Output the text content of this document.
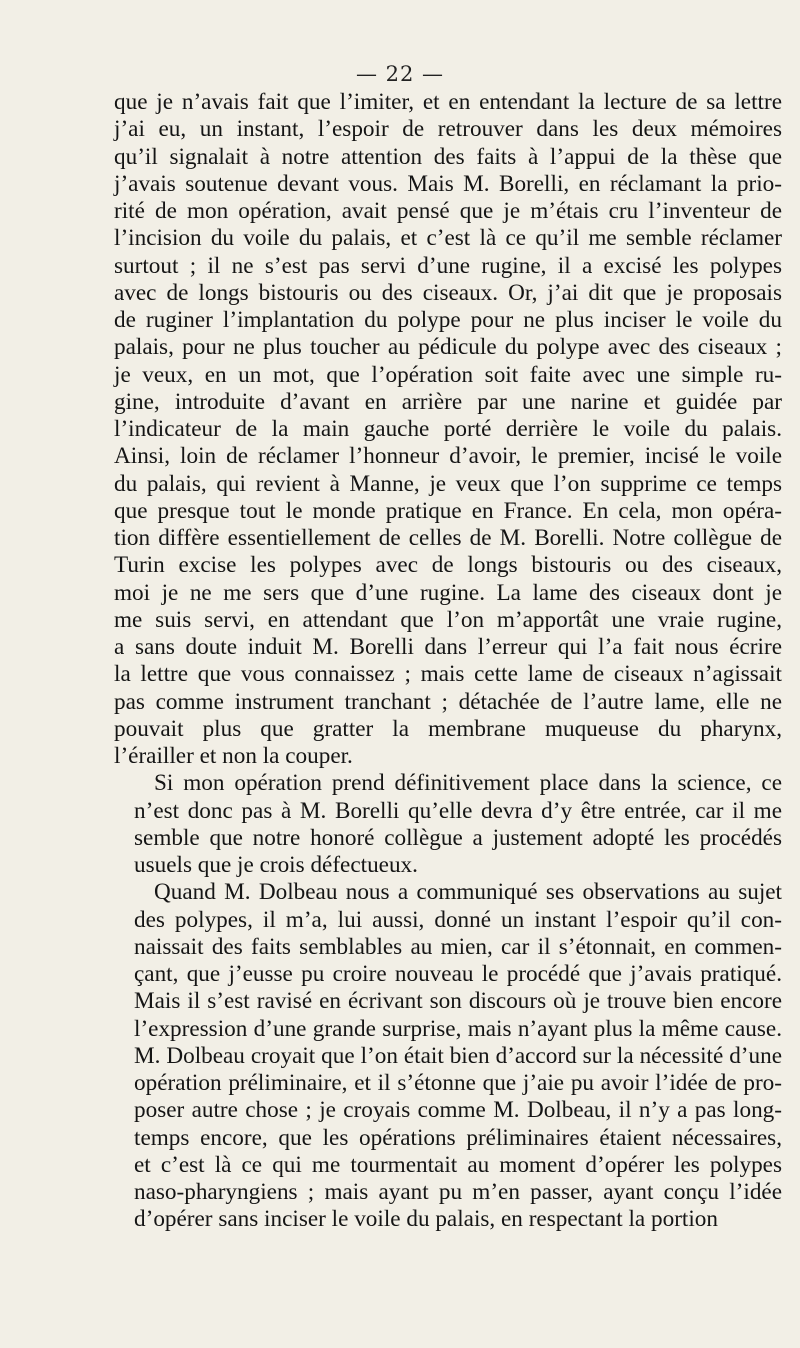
— 22 —

que je n’avais fait que l’imiter, et en entendant la lecture de sa lettre
j’ai eu, un instant, l’espoir de retrouver dans les deux mémoires
qu’il signalait à notre attention des faits à l’appui de la thèse que
j’avais soutenue devant vous. Mais M. Borelli, en réclamant la prio-
rité de mon opération, avait pensé que je m’étais cru l’inventeur de
l’incision du voile du palais, et c’est là ce qu’il me semble réclamer
surtout ; il ne s’est pas servi d’une rugine, il a excisé les polypes
avec de longs bistouris ou des ciseaux. Or, j’ai dit que je proposais
de ruginer l’implantation du polype pour ne plus inciser le voile du
palais, pour ne plus toucher au pédicule du polype avec des ciseaux ;
je veux, en un mot, que l’opération soit faite avec une simple ru-
gine, introduite d’avant en arrière par une narine et guidée par
l’indicateur de la main gauche porté derrière le voile du palais.
Ainsi, loin de réclamer l’honneur d’avoir, le premier, incisé le voile
du palais, qui revient à Manne, je veux que l’on supprime ce temps
que presque tout le monde pratique en France. En cela, mon opéra-
tion diffère essentiellement de celles de M. Borelli. Notre collègue de
Turin excise les polypes avec de longs bistouris ou des ciseaux,
moi je ne me sers que d’une rugine. La lame des ciseaux dont je
me suis servi, en attendant que l’on m’apportât une vraie rugine,
a sans doute induit M. Borelli dans l’erreur qui l’a fait nous écrire
la lettre que vous connaissez ; mais cette lame de ciseaux n’agissait
pas comme instrument tranchant ; détachée de l’autre lame, elle ne
pouvait plus que gratter la membrane muqueuse du pharynx,
l’érailler et non la couper.

Si mon opération prend définitivement place dans la science, ce
n’est donc pas à M. Borelli qu’elle devra d’y être entrée, car il me
semble que notre honoré collègue a justement adopté les procédés
usuels que je crois défectueux.

Quand M. Dolbeau nous a communiqué ses observations au sujet
des polypes, il m’a, lui aussi, donné un instant l’espoir qu’il con-
naissait des faits semblables au mien, car il s’étonnait, en commen-
çant, que j’eusse pu croire nouveau le procédé que j’avais pratiqué.
Mais il s’est ravisé en écrivant son discours où je trouve bien encore
l’expression d’une grande surprise, mais n’ayant plus la même cause.
M. Dolbeau croyait que l’on était bien d’accord sur la nécessité d’une
opération préliminaire, et il s’étonne que j’aie pu avoir l’idée de pro-
poser autre chose ; je croyais comme M. Dolbeau, il n’y a pas long-
temps encore, que les opérations préliminaires étaient nécessaires,
et c’est là ce qui me tourmentait au moment d’opérer les polypes
naso-pharyngiens ; mais ayant pu m’en passer, ayant conçu l’idée
d’opérer sans inciser le voile du palais, en respectant la portion
